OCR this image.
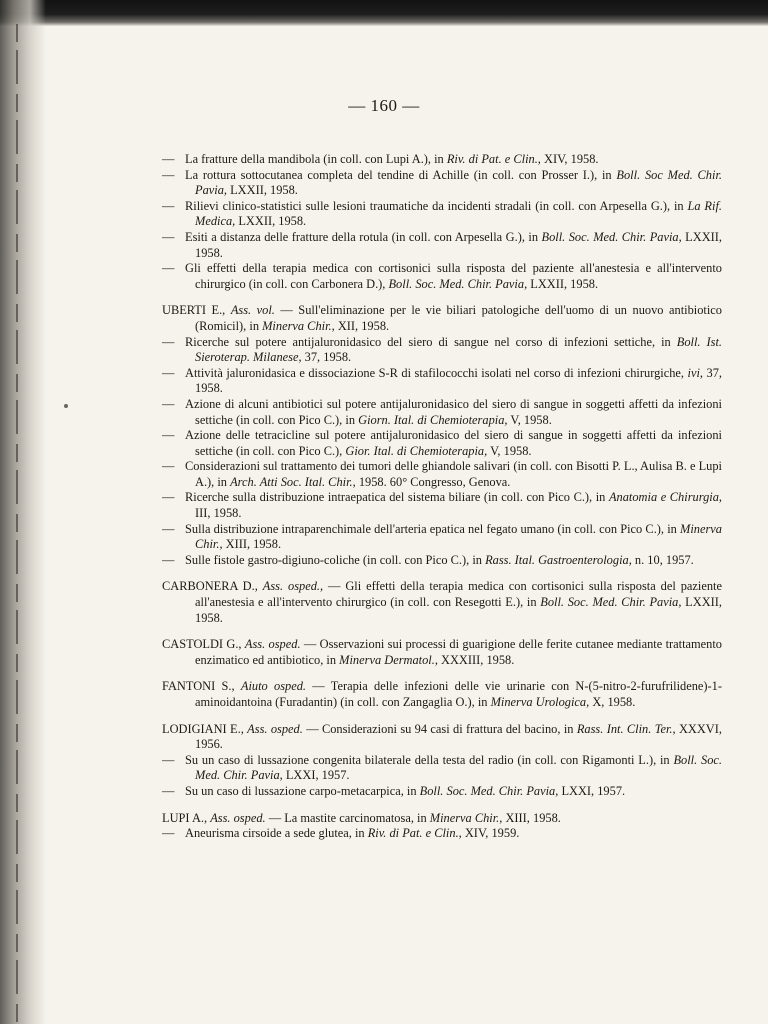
— 160 —
— La fratture della mandibola (in coll. con Lupi A.), in Riv. di Pat. e Clin., XIV, 1958.
— La rottura sottocutanea completa del tendine di Achille (in coll. con Prosser I.), in Boll. Soc Med. Chir. Pavia, LXXII, 1958.
— Rilievi clinico-statistici sulle lesioni traumatiche da incidenti stradali (in coll. con Arpesella G.), in La Rif. Medica, LXXII, 1958.
— Esiti a distanza delle fratture della rotula (in coll. con Arpesella G.), in Boll. Soc. Med. Chir. Pavia, LXXII, 1958.
— Gli effetti della terapia medica con cortisonici sulla risposta del paziente all'anestesia e all'intervento chirurgico (in coll. con Carbonera D.), Boll. Soc. Med. Chir. Pavia, LXXII, 1958.
UBERTI E., Ass. vol. — Sull'eliminazione per le vie biliari patologiche dell'uomo di un nuovo antibiotico (Romicil), in Minerva Chir., XII, 1958.
— Ricerche sul potere antijaluronidasico del siero di sangue nel corso di infezioni settiche, in Boll. Ist. Sieroterap. Milanese, 37, 1958.
— Attività jaluronidasica e dissociazione S-R di stafilococchi isolati nel corso di infezioni chirurgiche, ivi, 37, 1958.
— Azione di alcuni antibiotici sul potere antijaluronidasico del siero di sangue in soggetti affetti da infezioni settiche (in coll. con Pico C.), in Giorn. Ital. di Chemioterapia, V, 1958.
— Azione delle tetracicline sul potere antijaluronidasico del siero di sangue in soggetti affetti da infezioni settiche (in coll. con Pico C.), Gior. Ital. di Chemioterapia, V, 1958.
— Considerazioni sul trattamento dei tumori delle ghiandole salivari (in coll. con Bisotti P. L., Aulisa B. e Lupi A.), in Arch. Atti Soc. Ital. Chir., 1958. 60° Congresso, Genova.
— Ricerche sulla distribuzione intraepatica del sistema biliare (in coll. con Pico C.), in Anatomia e Chirurgia, III, 1958.
— Sulla distribuzione intraparenchimale dell'arteria epatica nel fegato umano (in coll. con Pico C.), in Minerva Chir., XIII, 1958.
— Sulle fistole gastro-digiuno-coliche (in coll. con Pico C.), in Rass. Ital. Gastroenterologia, n. 10, 1957.
CARBONERA D., Ass. osped., — Gli effetti della terapia medica con cortisonici sulla risposta del paziente all'anestesia e all'intervento chirurgico (in coll. con Resegotti E.), in Boll. Soc. Med. Chir. Pavia, LXXII, 1958.
CASTOLDI G., Ass. osped. — Osservazioni sui processi di guarigione delle ferite cutanee mediante trattamento enzimatico ed antibiotico, in Minerva Dermatol., XXXIII, 1958.
FANTONI S., Aiuto osped. — Terapia delle infezioni delle vie urinarie con N-(5-nitro-2-furufrilidene)-1-aminoidantoina (Furadantin) (in coll. con Zangaglia O.), in Minerva Urologica, X, 1958.
LODIGIANI E., Ass. osped. — Considerazioni su 94 casi di frattura del bacino, in Rass. Int. Clin. Ter., XXXVI, 1956.
— Su un caso di lussazione congenita bilaterale della testa del radio (in coll. con Rigamonti L.), in Boll. Soc. Med. Chir. Pavia, LXXI, 1957.
— Su un caso di lussazione carpo-metacarpica, in Boll. Soc. Med. Chir. Pavia, LXXI, 1957.
LUPI A., Ass. osped. — La mastite carcinomatosa, in Minerva Chir., XIII, 1958.
— Aneurisma cirsoide a sede glutea, in Riv. di Pat. e Clin., XIV, 1959.
